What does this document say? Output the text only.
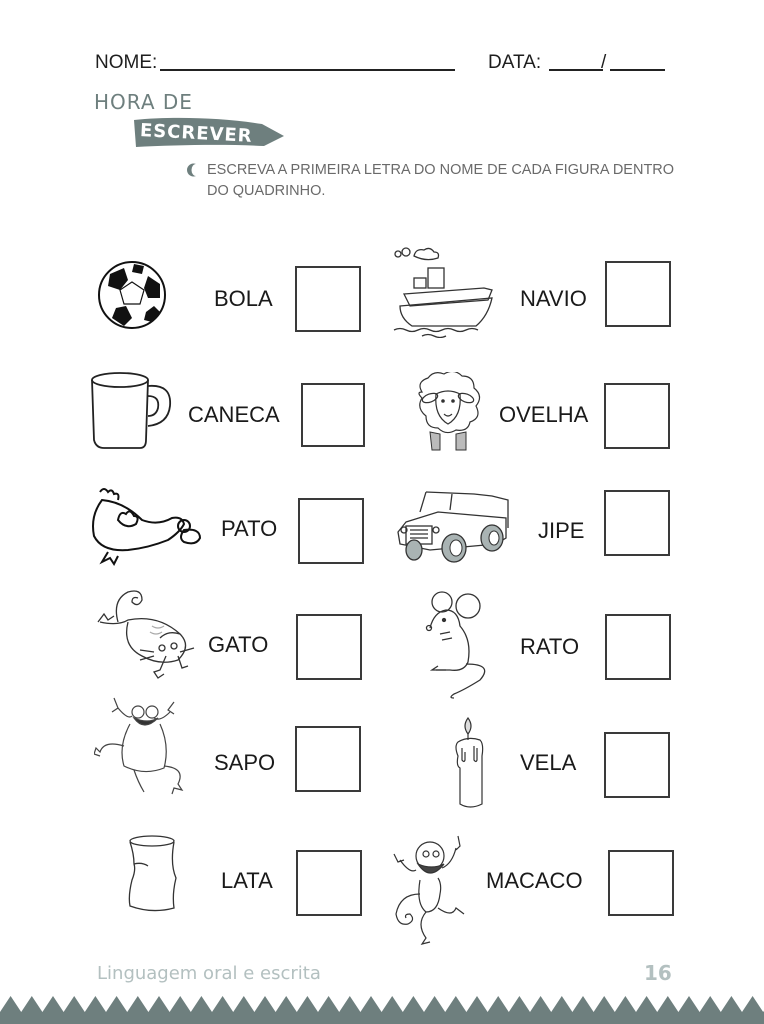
NOME:	DATA:	/
HORA DE
ESCREVER
ESCREVA A PRIMEIRA LETRA DO NOME DE CADA FIGURA DENTRO DO QUADRINHO.
BOLA	NAVIO
CANECA	OVELHA
PATO	JIPE
GATO	RATO
SAPO	VELA
LATA	MACACO
Linguagem oral e escrita	16
